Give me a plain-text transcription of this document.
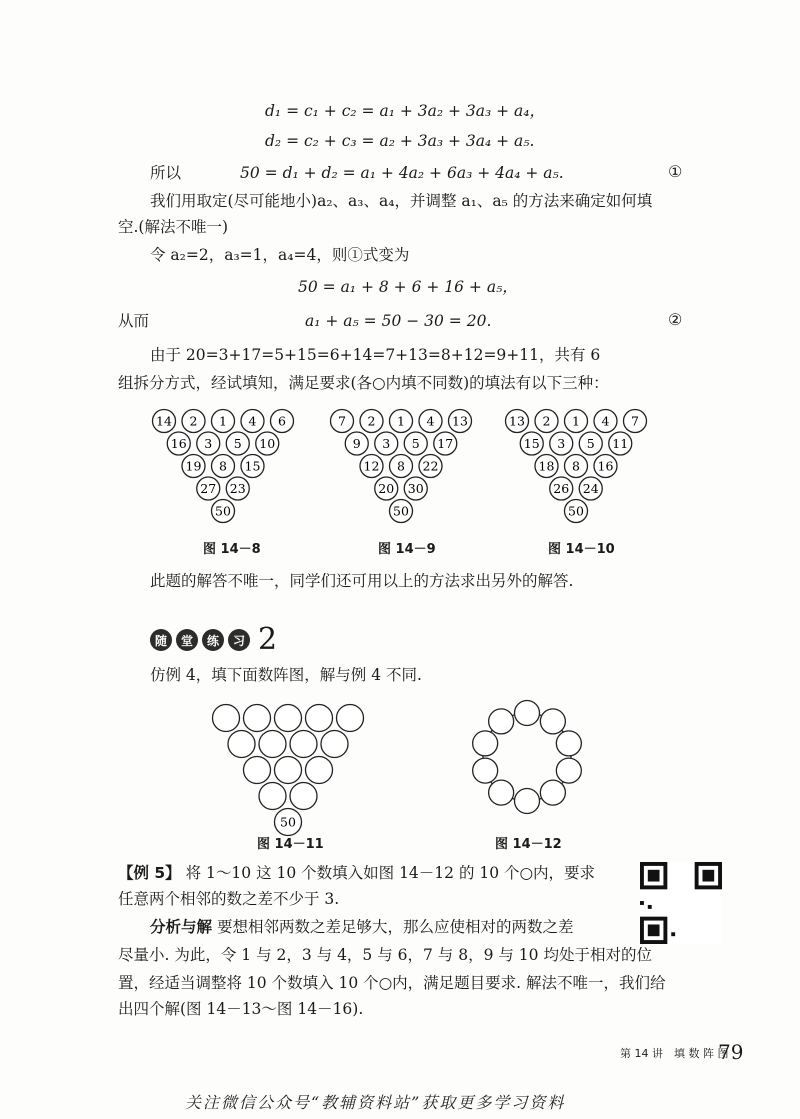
d₁ = c₁ + c₂ = a₁ + 3a₂ + 3a₃ + a₄，
d₂ = c₂ + c₃ = a₂ + 3a₃ + 3a₄ + a₅.
所以	50 = d₁ + d₂ = a₁ + 4a₂ + 6a₃ + 4a₄ + a₅.	①
我们用取定(尽可能地小)a₂、a₃、a₄，并调整 a₁、a₅ 的方法来确定如何填
空.(解法不唯一)
令 a₂=2，a₃=1，a₄=4，则①式变为
50 = a₁ + 8 + 6 + 16 + a₅，
从而	a₁ + a₅ = 50 − 30 = 20.	②
由于 20=3+17=5+15=6+14=7+13=8+12=9+11，共有 6
组拆分方式，经试填知，满足要求(各○内填不同数)的填法有以下三种：
14 2 1 4 6
16 3 5 10
19 8 15
27 23
50
7 2 1 4 13
9 3 5 17
12 8 22
20 30
50
13 2 1 4 7
15 3 5 11
18 8 16
26 24
50
50
图 14－8	图 14－9	图 14－10
此题的解答不唯一，同学们还可用以上的方法求出另外的解答.
随	堂	练	习 2
仿例 4，填下面数阵图，解与例 4 不同.
图 14－11	图 14－12
【例 5】 将 1～10 这 10 个数填入如图 14－12 的 10 个○内，要求
任意两个相邻的数之差不少于 3.
分析与解 要想相邻两数之差足够大，那么应使相对的两数之差
尽量小. 为此，令 1 与 2，3 与 4，5 与 6，7 与 8，9 与 10 均处于相对的位
置，经适当调整将 10 个数填入 10 个○内，满足题目要求. 解法不唯一，我们给
出四个解(图 14－13～图 14－16).
第 14 讲　填 数 阵 图
79
关注微信公众号“教辅资料站”获取更多学习资料
